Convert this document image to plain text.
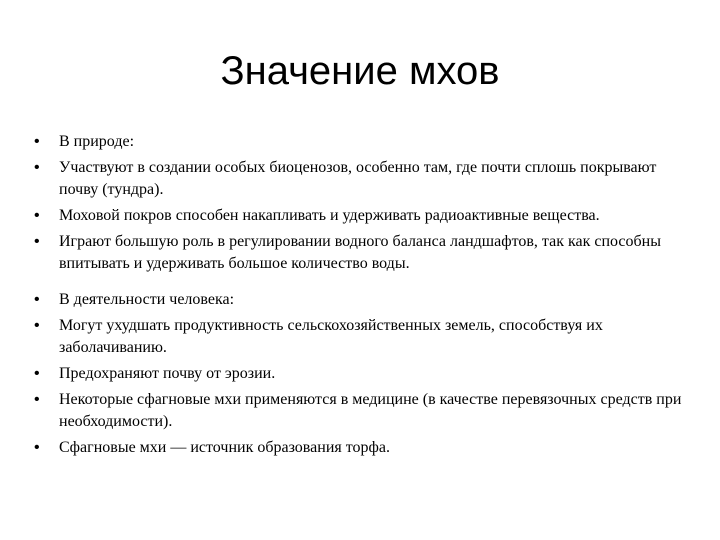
Значение мхов
• В природе:
• Участвуют в создании особых биоценозов, особенно там, где почти сплошь покрывают почву (тундра).
• Моховой покров способен накапливать и удерживать радиоактивные вещества.
• Играют большую роль в регулировании водного баланса ландшафтов, так как способны впитывать и удерживать большое количество воды.
• В деятельности человека:
• Могут ухудшать продуктивность сельскохозяйственных земель, способствуя их заболачиванию.
• Предохраняют почву от эрозии.
• Некоторые сфагновые мхи применяются в медицине (в качестве перевязочных средств при необходимости).
• Сфагновые мхи — источник образования торфа.
